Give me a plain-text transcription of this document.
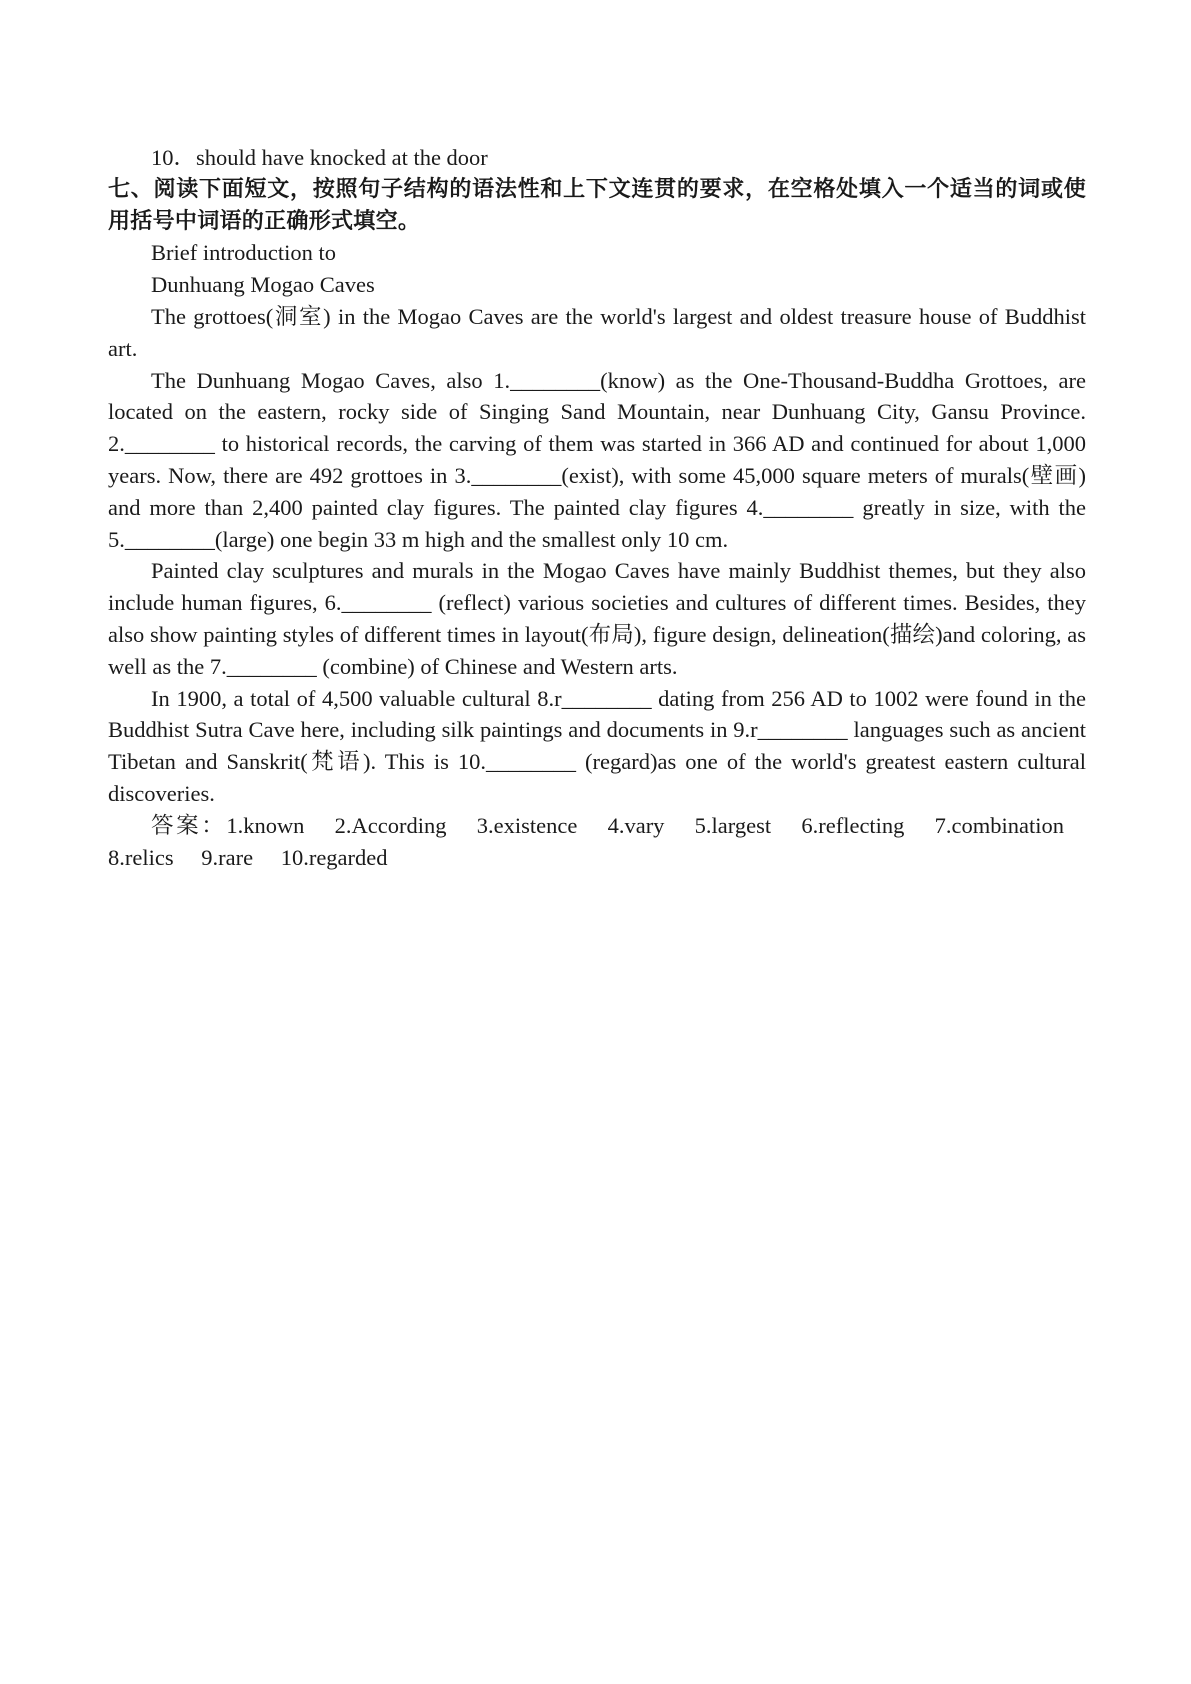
10．should have knocked at the door

七、阅读下面短文，按照句子结构的语法性和上下文连贯的要求，在空格处填入一个适当的词或使用括号中词语的正确形式填空。

Brief introduction to

Dunhuang Mogao Caves

The grottoes(洞室) in the Mogao Caves are the world's largest and oldest treasure house of Buddhist art.

The Dunhuang Mogao Caves, also 1.________(know) as the One-Thousand-Buddha Grottoes, are located on the eastern, rocky side of Singing Sand Mountain, near Dunhuang City, Gansu Province. 2.________ to historical records, the carving of them was started in 366 AD and continued for about 1,000 years. Now, there are 492 grottoes in 3.________(exist), with some 45,000 square meters of murals(壁画) and more than 2,400 painted clay figures. The painted clay figures 4.________ greatly in size, with the 5.________(large) one begin 33 m high and the smallest only 10 cm.

Painted clay sculptures and murals in the Mogao Caves have mainly Buddhist themes, but they also include human figures, 6.________ (reflect) various societies and cultures of different times. Besides, they also show painting styles of different times in layout(布局), figure design, delineation(描绘)and coloring, as well as the 7.________ (combine) of Chinese and Western arts.

In 1900, a total of 4,500 valuable cultural 8.r________ dating from 256 AD to 1002 were found in the Buddhist Sutra Cave here, including silk paintings and documents in 9.r________ languages such as ancient Tibetan and Sanskrit(梵语). This is 10.________ (regard)as one of the world's greatest eastern cultural discoveries.

答案：1.known 2.According 3.existence 4.vary 5.largest 6.reflecting 7.combination 8.relics 9.rare 10.regarded
